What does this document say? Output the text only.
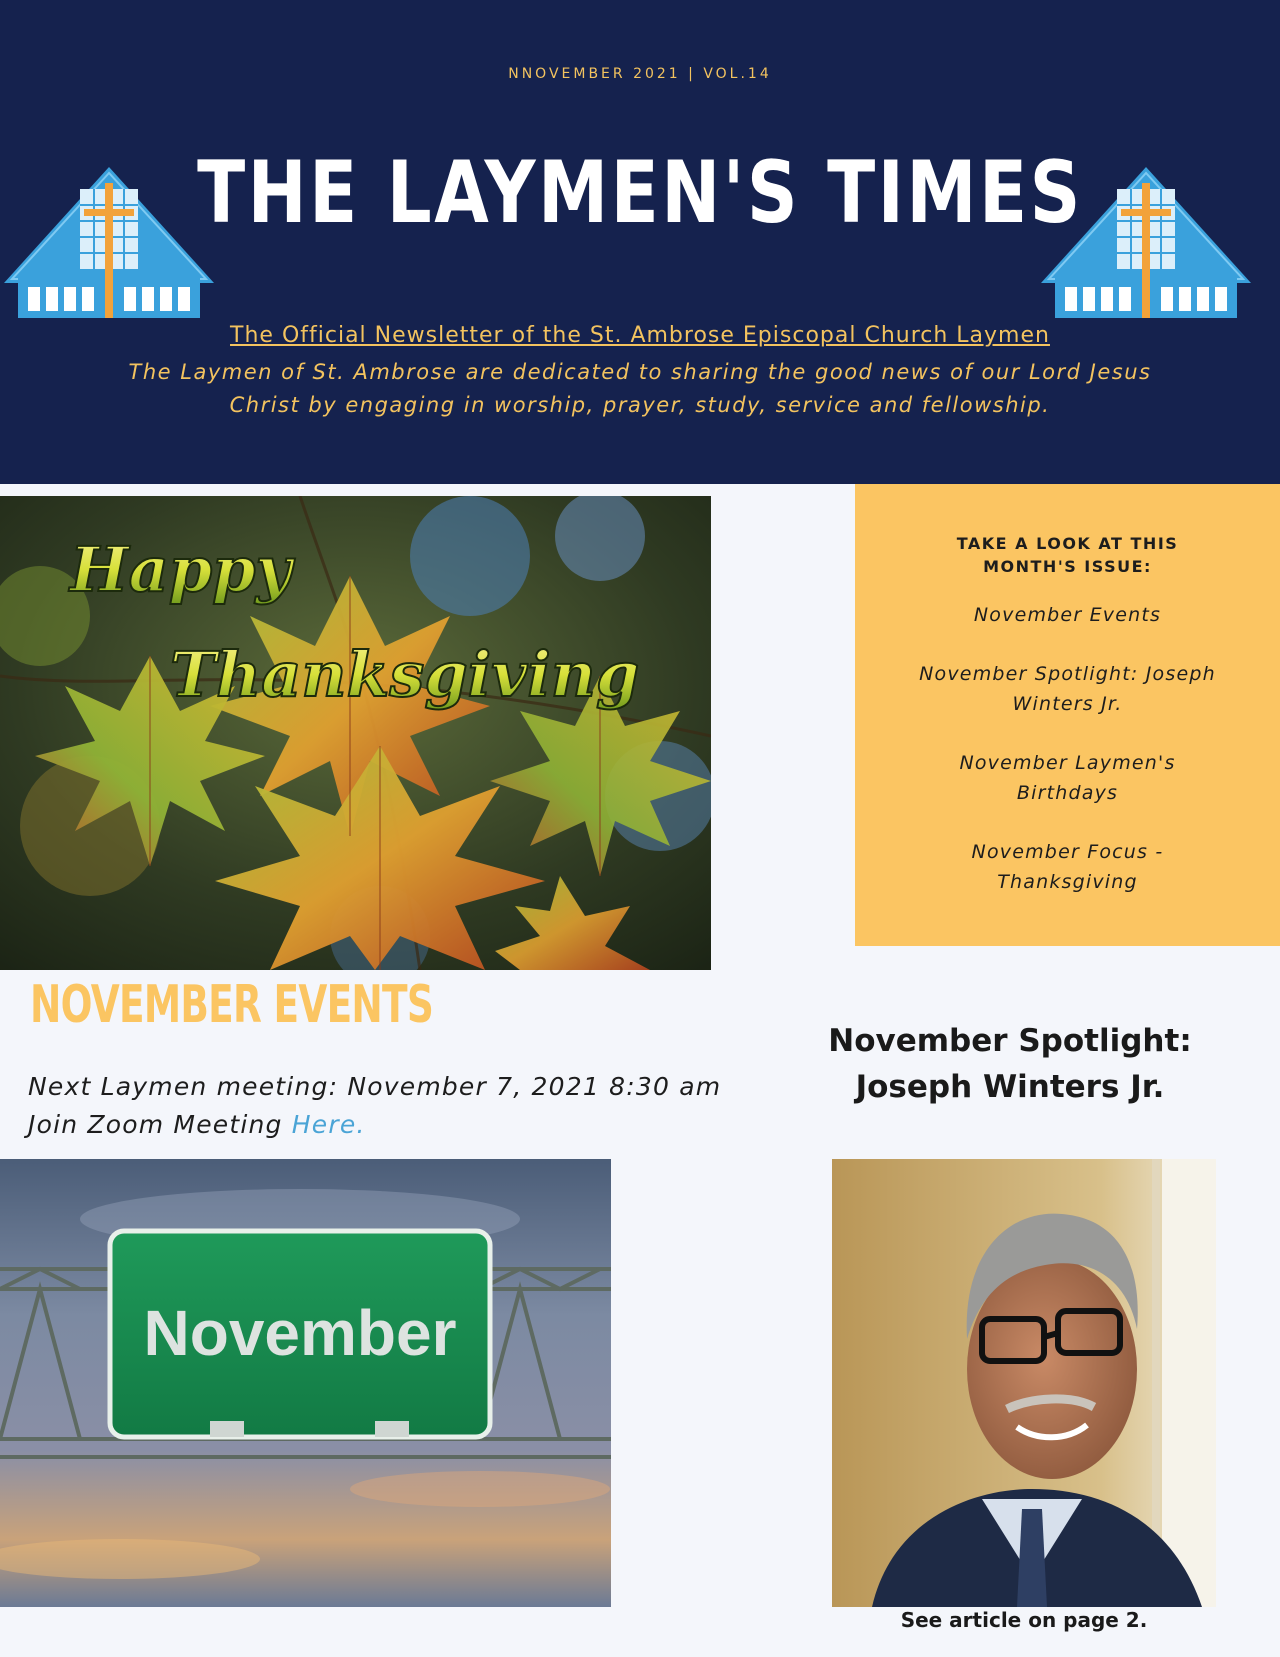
NNOVEMBER 2021 | VOL.14
THE LAYMEN'S TIMES
The Official Newsletter of the St. Ambrose Episcopal Church Laymen
The Laymen of St. Ambrose are dedicated to sharing the good news of our Lord Jesus Christ by engaging in worship, prayer, study, service and fellowship.
Happy
Thanksgiving
TAKE A LOOK AT THIS MONTH'S ISSUE:
November Events
November Spotlight: Joseph Winters Jr.
November Laymen's Birthdays
November Focus - Thanksgiving
NOVEMBER EVENTS
Next Laymen meeting: November 7, 2021 8:30 am
Join Zoom Meeting Here.
November
November Spotlight: Joseph Winters Jr.
See article on page 2.
